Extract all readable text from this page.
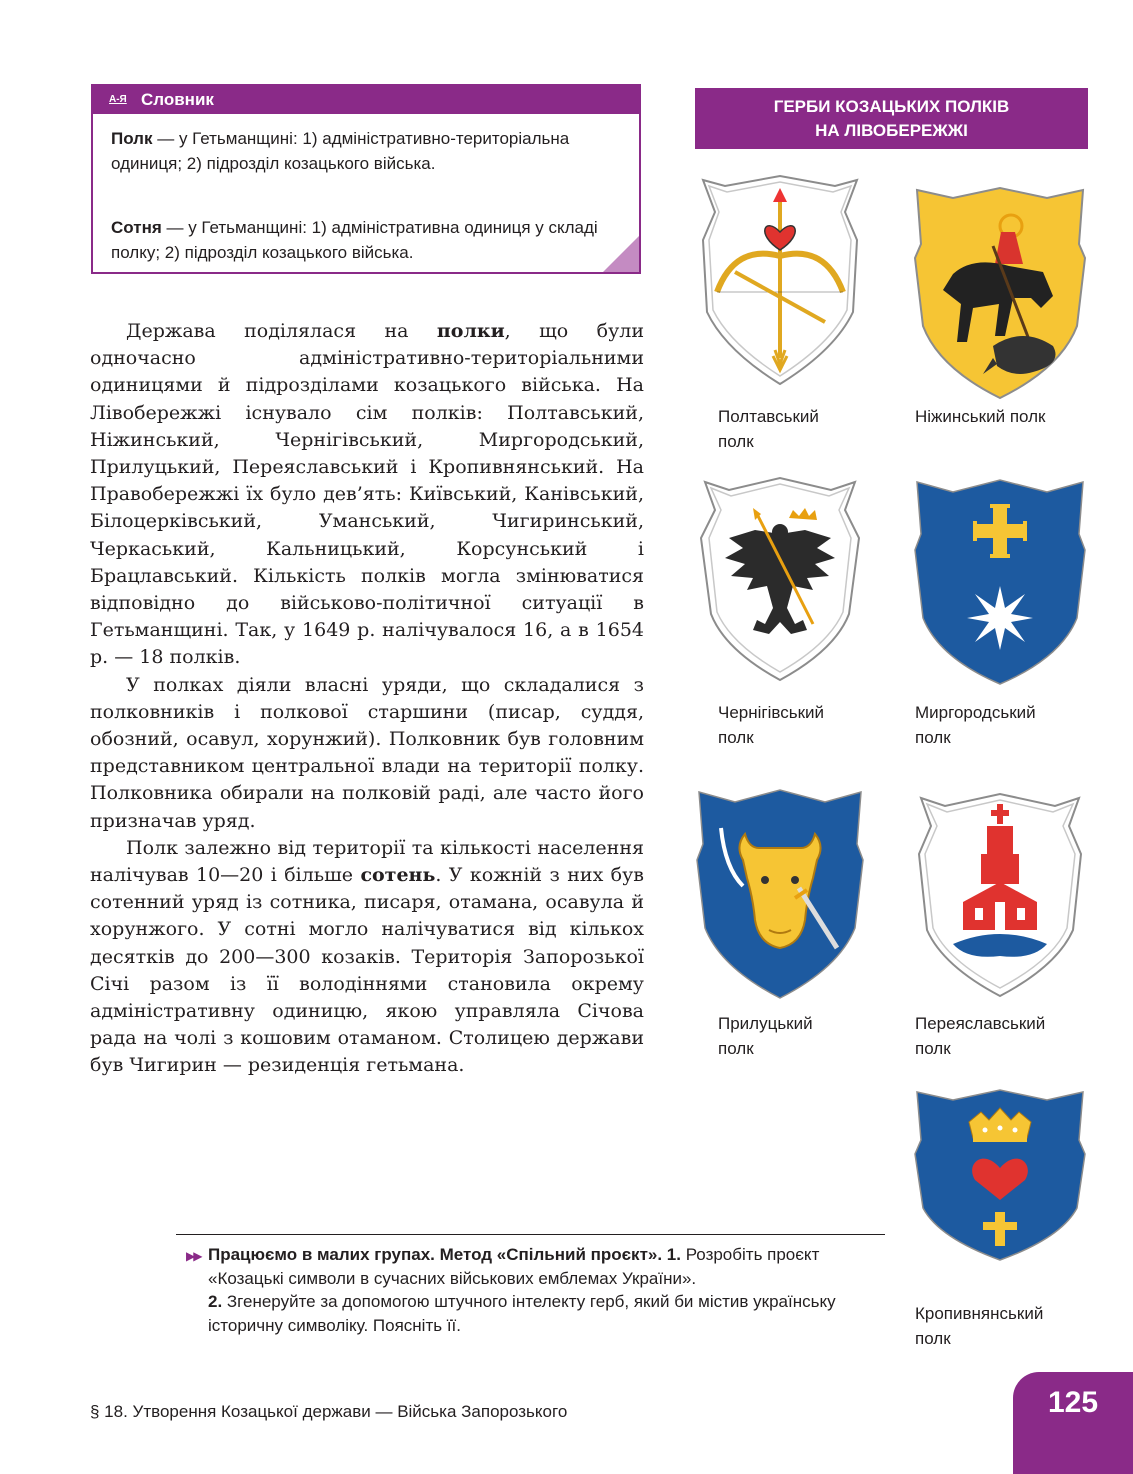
А-Я Словник
Полк — у Гетьманщині: 1) адміністративно-територіальна одиниця; 2) підрозділ козацького війська.
Сотня — у Гетьманщині: 1) адміністративна одиниця у складі полку; 2) підрозділ козацького війська.

Держава поділялася на полки, що були одночасно адміністративно-територіальними одиницями й підрозділами козацького війська. На Лівобережжі існувало сім полків: Полтавський, Ніжинський, Чернігівський, Миргородський, Прилуцький, Переяславський і Кропивнянський. На Правобережжі їх було дев’ять: Київський, Канівський, Білоцерківський, Уманський, Чигиринський, Черкаський, Кальницький, Корсунський і Брацлавський. Кількість полків могла змінюватися відповідно до військово-політичної ситуації в Гетьманщині. Так, у 1649 р. налічувалося 16, а в 1654 р. — 18 полків.

У полках діяли власні уряди, що складалися з полковників і полкової старшини (писар, суддя, обозний, осавул, хорунжий). Полковник був головним представником центральної влади на території полку. Полковника обирали на полковій раді, але часто його призначав уряд.

Полк залежно від території та кількості населення налічував 10—20 і більше сотень. У кожній з них був сотенний уряд із сотника, писаря, отамана, осавула й хорунжого. У сотні могло налічуватися від кількох десятків до 200—300 козаків. Територія Запорозької Січі разом із її володіннями становила окрему адміністративну одиницю, якою управляла Січова рада на чолі з кошовим отаманом. Столицею держави був Чигирин — резиденція гетьмана.

▶▶ Працюємо в малих групах. Метод «Спільний проєкт». 1. Розробіть проєкт «Козацькі символи в сучасних військових емблемах України».
2. Згенеруйте за допомогою штучного інтелекту герб, який би містив українську історичну символіку. Поясніть її.
§ 18. Утворення Козацької держави — Війська Запорозького	125
ГЕРБИ КОЗАЦЬКИХ ПОЛКІВ
НА ЛІВОБЕРЕЖЖІ
Полтавський
полк
Ніжинський полк
Чернігівський
полк
Миргородський
полк
Прилуцький
полк
Переяславський
полк
Кропивнянський
полк
